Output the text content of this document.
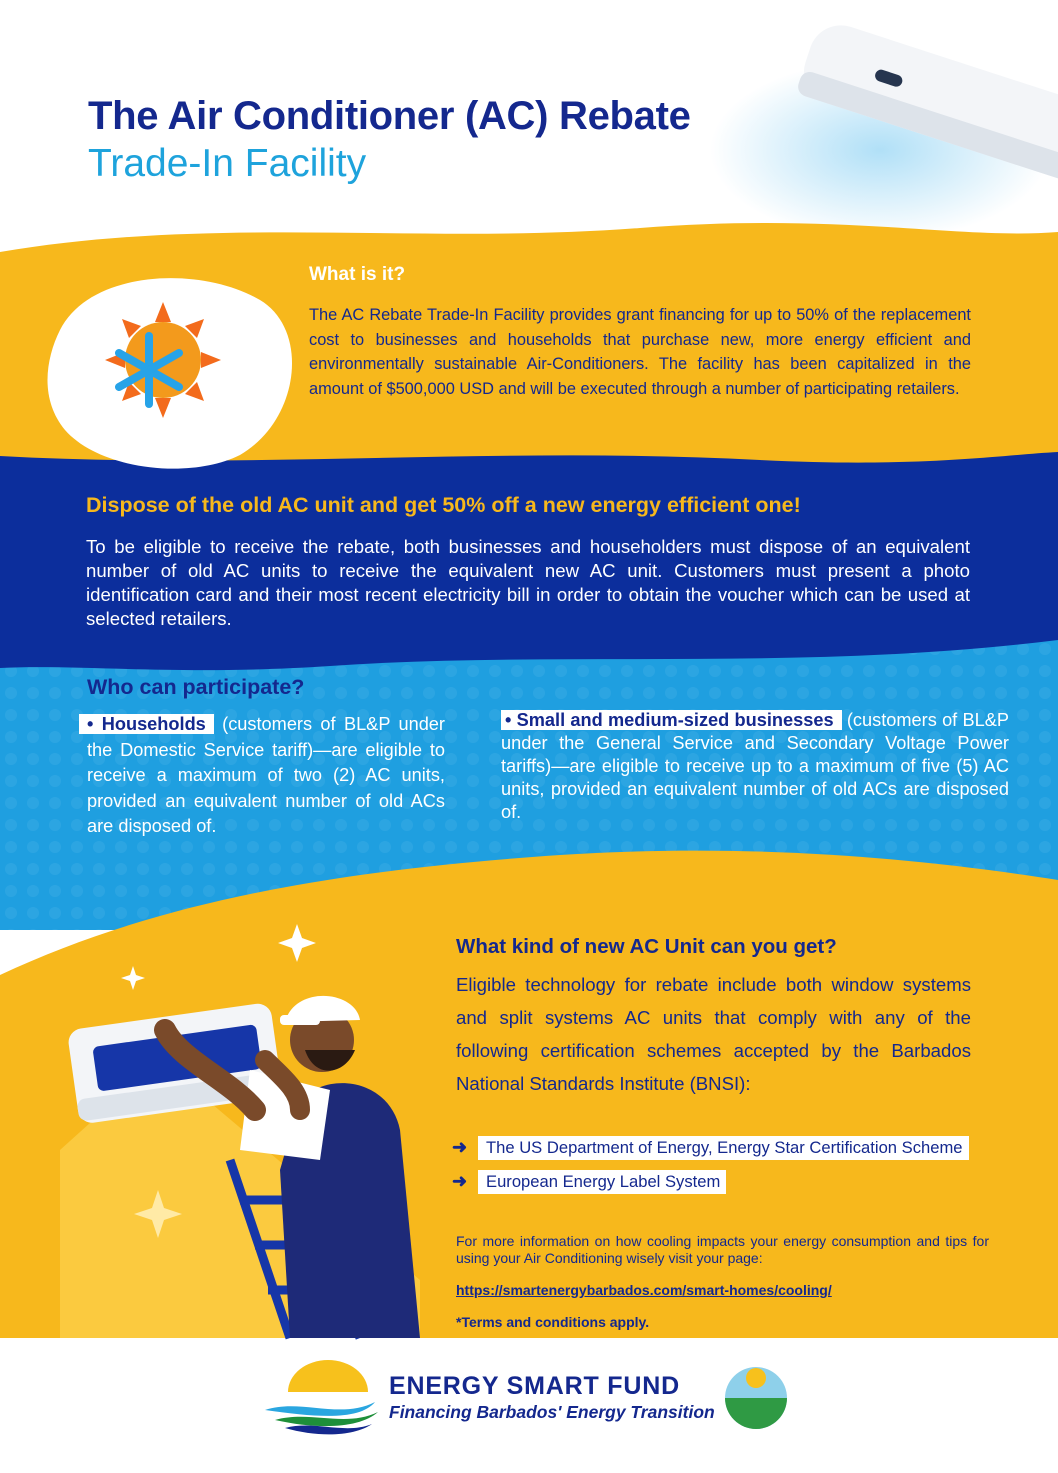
The Air Conditioner (AC) Rebate
Trade-In Facility
What is it?
The AC Rebate Trade-In Facility provides grant financing for up to 50% of the replacement cost to businesses and households that purchase new, more energy efficient and environmentally sustainable Air-Conditioners. The facility has been capitalized in the amount of $500,000 USD and will be executed through a number of participating retailers.
Dispose of the old AC unit and get 50% off a new energy efficient one!
To be eligible to receive the rebate, both businesses and householders must dispose of an equivalent number of old AC units to receive the equivalent new AC unit. Customers must present a photo identification card and their most recent electricity bill in order to obtain the voucher which can be used at selected retailers.
Who can participate?
• Households (customers of BL&P under the Domestic Service tariff)—are eligible to receive a maximum of two (2) AC units, provided an equivalent number of old ACs are disposed of.
• Small and medium-sized businesses (customers of BL&P under the General Service and Secondary Voltage Power tariffs)—are eligible to receive up to a maximum of five (5) AC units, provided an equivalent number of old ACs are disposed of.
What kind of new AC Unit can you get?
Eligible technology for rebate include both window systems and split systems AC units that comply with any of the following certification schemes accepted by the Barbados National Standards Institute (BNSI):
➜	The US Department of Energy, Energy Star Certification Scheme
➜	European Energy Label System
For more information on how cooling impacts your energy consumption and tips for using your Air Conditioning wisely visit your page:
https://smartenergybarbados.com/smart-homes/cooling/
*Terms and conditions apply.
ENERGY SMART FUND
Financing Barbados' Energy Transition
